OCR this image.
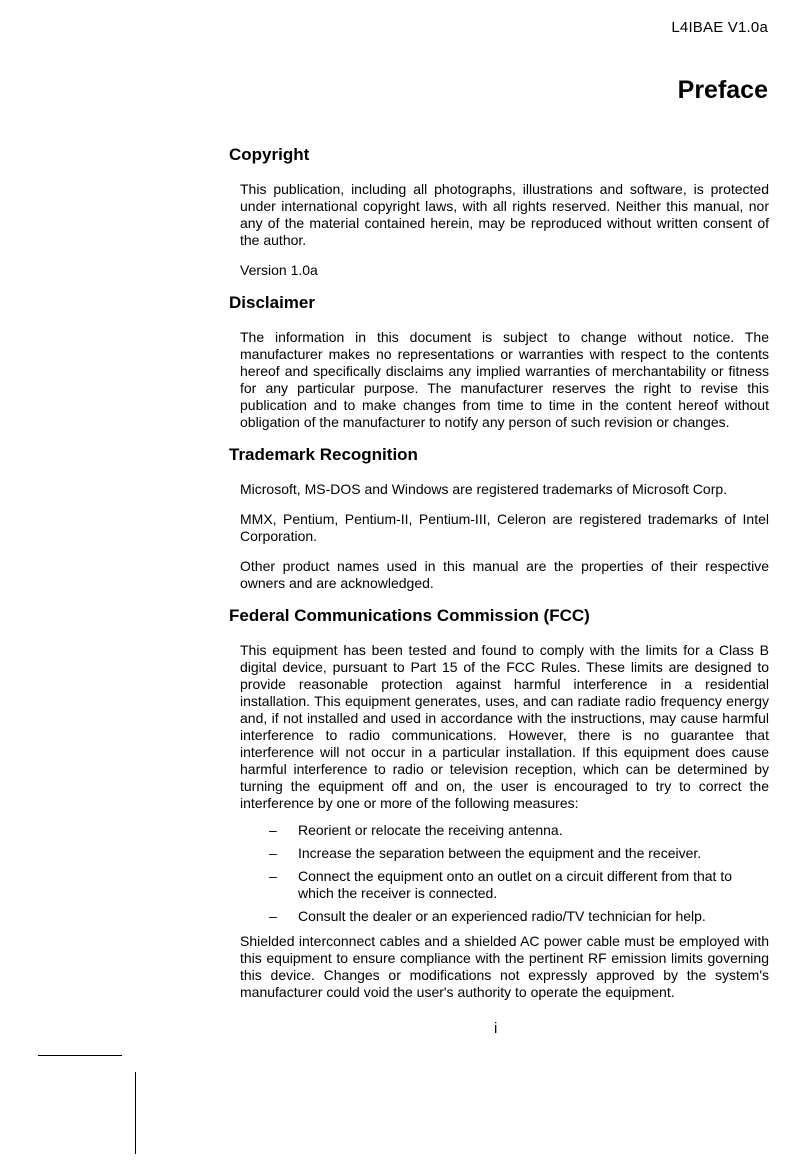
L4IBAE V1.0a
Preface
Copyright

This publication, including all photographs, illustrations and software, is protected under international copyright laws, with all rights reserved. Neither this manual, nor any of the material contained herein, may be reproduced without written consent of the author.

Version 1.0a

Disclaimer

The information in this document is subject to change without notice. The manufacturer makes no representations or warranties with respect to the contents hereof and specifically disclaims any implied warranties of merchantability or fitness for any particular purpose. The manufacturer reserves the right to revise this publication and to make changes from time to time in the content hereof without obligation of the manufacturer to notify any person of such revision or changes.

Trademark Recognition

Microsoft, MS-DOS and Windows are registered trademarks of Microsoft Corp.

MMX, Pentium, Pentium-II, Pentium-III, Celeron are registered trademarks of Intel Corporation.

Other product names used in this manual are the properties of their respective owners and are acknowledged.

Federal Communications Commission (FCC)

This equipment has been tested and found to comply with the limits for a Class B digital device, pursuant to Part 15 of the FCC Rules. These limits are designed to provide reasonable protection against harmful interference in a residential installation. This equipment generates, uses, and can radiate radio frequency energy and, if not installed and used in accordance with the instructions, may cause harmful interference to radio communications. However, there is no guarantee that interference will not occur in a particular installation. If this equipment does cause harmful interference to radio or television reception, which can be determined by turning the equipment off and on, the user is encouraged to try to correct the interference by one or more of the following measures:

– Reorient or relocate the receiving antenna.
– Increase the separation between the equipment and the receiver.
– Connect the equipment onto an outlet on a circuit different from that to which the receiver is connected.
– Consult the dealer or an experienced radio/TV technician for help.

Shielded interconnect cables and a shielded AC power cable must be employed with this equipment to ensure compliance with the pertinent RF emission limits governing this device. Changes or modifications not expressly approved by the system's manufacturer could void the user's authority to operate the equipment.

i
